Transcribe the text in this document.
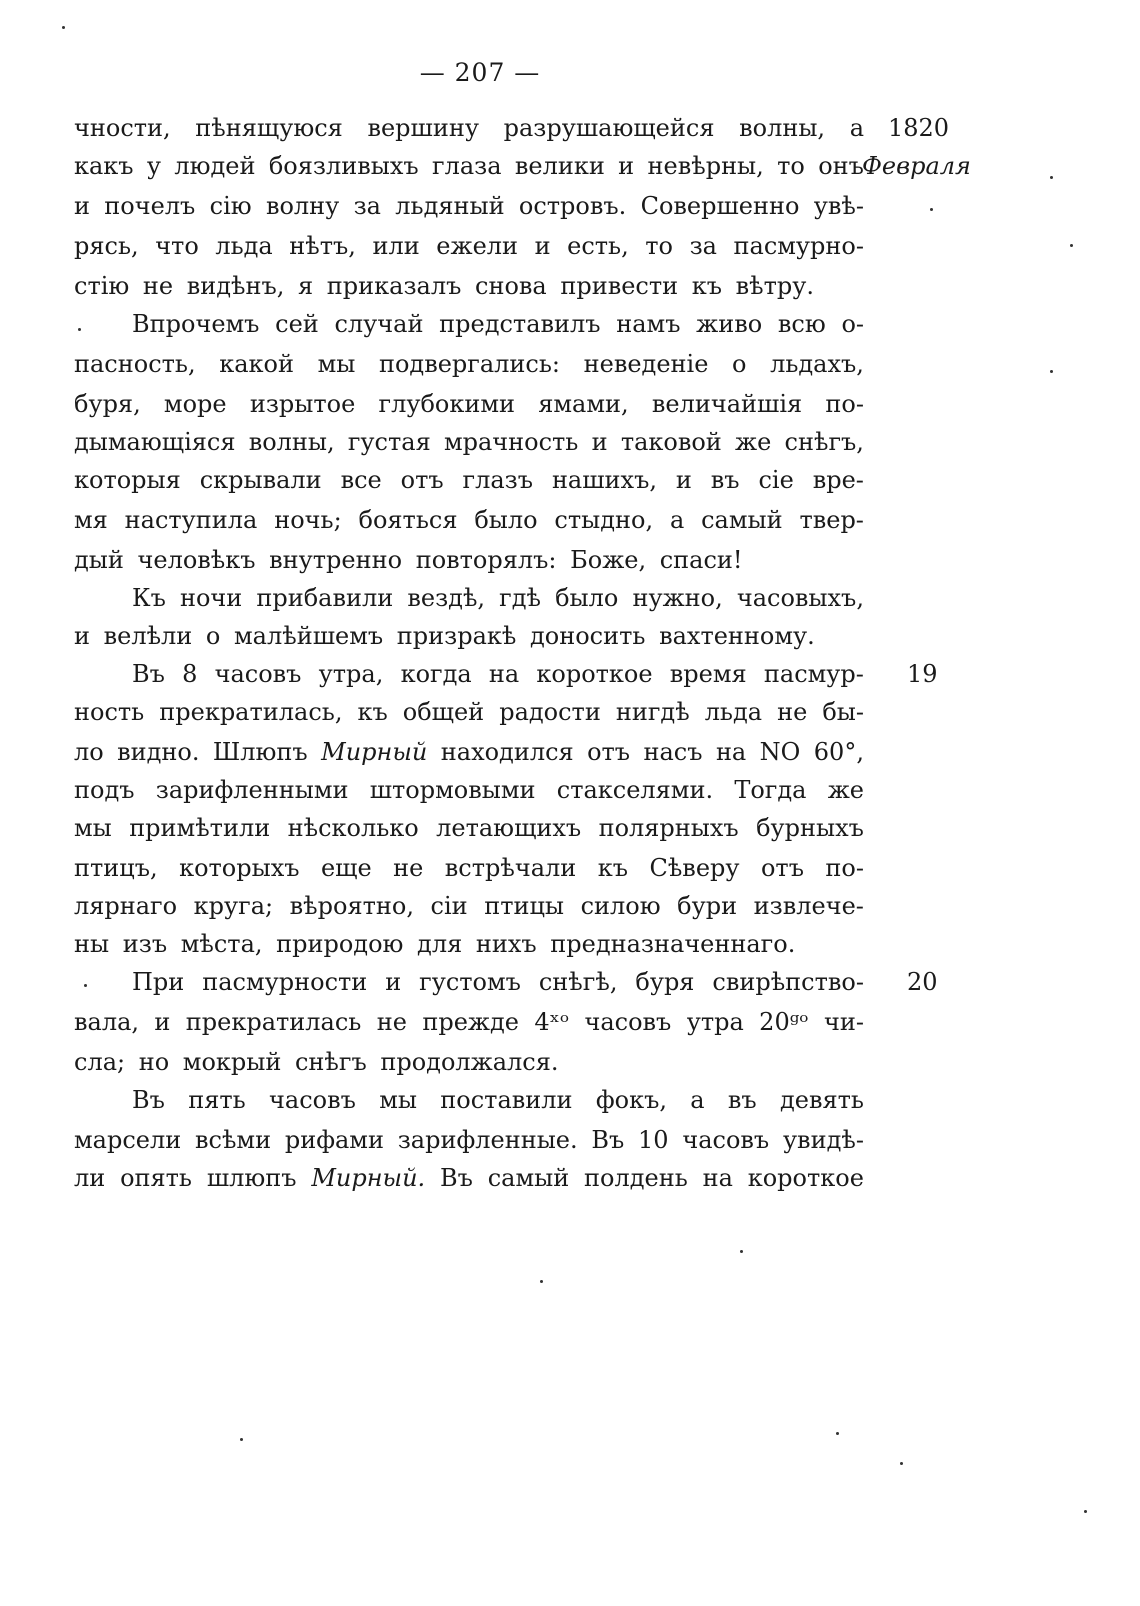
— 207 —
1820
Февраля
19
20
чности, пѣнящуюся вершину разрушающейся волны, а
какъ у людей боязливыхъ глаза велики и невѣрны, то онъ
и почелъ сію волну за льдяный островъ. Совершенно увѣ-
рясь, что льда нѣтъ, или ежели и есть, то за пасмурно-
стію не видѣнъ, я приказалъ снова привести къ вѣтру.
Впрочемъ сей случай представилъ намъ живо всю о-
пасность, какой мы подвергались: неведеніе о льдахъ,
буря, море изрытое глубокими ямами, величайшія по-
дымающіяся волны, густая мрачность и таковой же снѣгъ,
которыя скрывали все отъ глазъ нашихъ, и въ сіе вре-
мя наступила ночь; бояться было стыдно, а самый твер-
дый человѣкъ внутренно повторялъ: Боже, спаси!
Къ ночи прибавили вездѣ, гдѣ было нужно, часовыхъ,
и велѣли о малѣйшемъ призракѣ доносить вахтенному.
Въ 8 часовъ утра, когда на короткое время пасмур-
ность прекратилась, къ общей радости нигдѣ льда не бы-
ло видно. Шлюпъ Мирный находился отъ насъ на NO 60°,
подъ зарифленными штормовыми стакселями. Тогда же
мы примѣтили нѣсколько летающихъ полярныхъ бурныхъ
птицъ, которыхъ еще не встрѣчали къ Сѣверу отъ по-
лярнаго круга; вѣроятно, сіи птицы силою бури извлече-
ны изъ мѣста, природою для нихъ предназначеннаго.
При пасмурности и густомъ снѣгѣ, буря свирѣпство-
вала, и прекратилась не прежде 4ˣᵒ часовъ утра 20ᵍᵒ чи-
сла; но мокрый снѣгъ продолжался.
Въ пять часовъ мы поставили фокъ, а въ девять
марсели всѣми рифами зарифленные. Въ 10 часовъ увидѣ-
ли опять шлюпъ Мирный. Въ самый полдень на короткое
